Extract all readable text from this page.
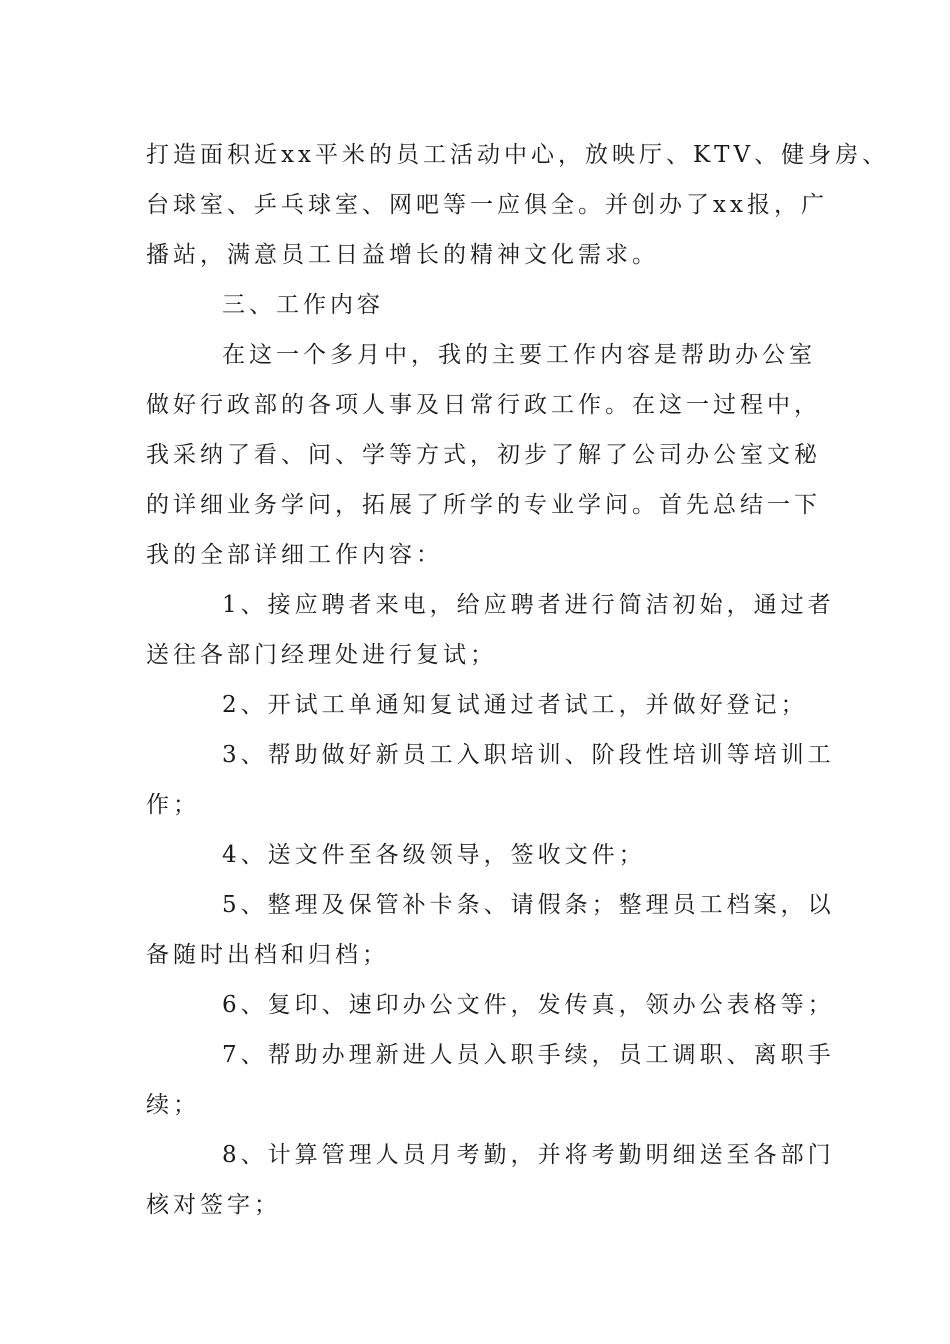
打造面积近xx平米的员工活动中心，放映厅、KTV、健身房、
台球室、乒乓球室、网吧等一应俱全。并创办了xx报，广
播站，满意员工日益增长的精神文化需求。
三、工作内容
在这一个多月中，我的主要工作内容是帮助办公室
做好行政部的各项人事及日常行政工作。在这一过程中，
我采纳了看、问、学等方式，初步了解了公司办公室文秘
的详细业务学问，拓展了所学的专业学问。首先总结一下
我的全部详细工作内容：
1、接应聘者来电，给应聘者进行简洁初始，通过者
送往各部门经理处进行复试；
2、开试工单通知复试通过者试工，并做好登记；
3、帮助做好新员工入职培训、阶段性培训等培训工
作；
4、送文件至各级领导，签收文件；
5、整理及保管补卡条、请假条；整理员工档案，以
备随时出档和归档；
6、复印、速印办公文件，发传真，领办公表格等；
7、帮助办理新进人员入职手续，员工调职、离职手
续；
8、计算管理人员月考勤，并将考勤明细送至各部门
核对签字；
